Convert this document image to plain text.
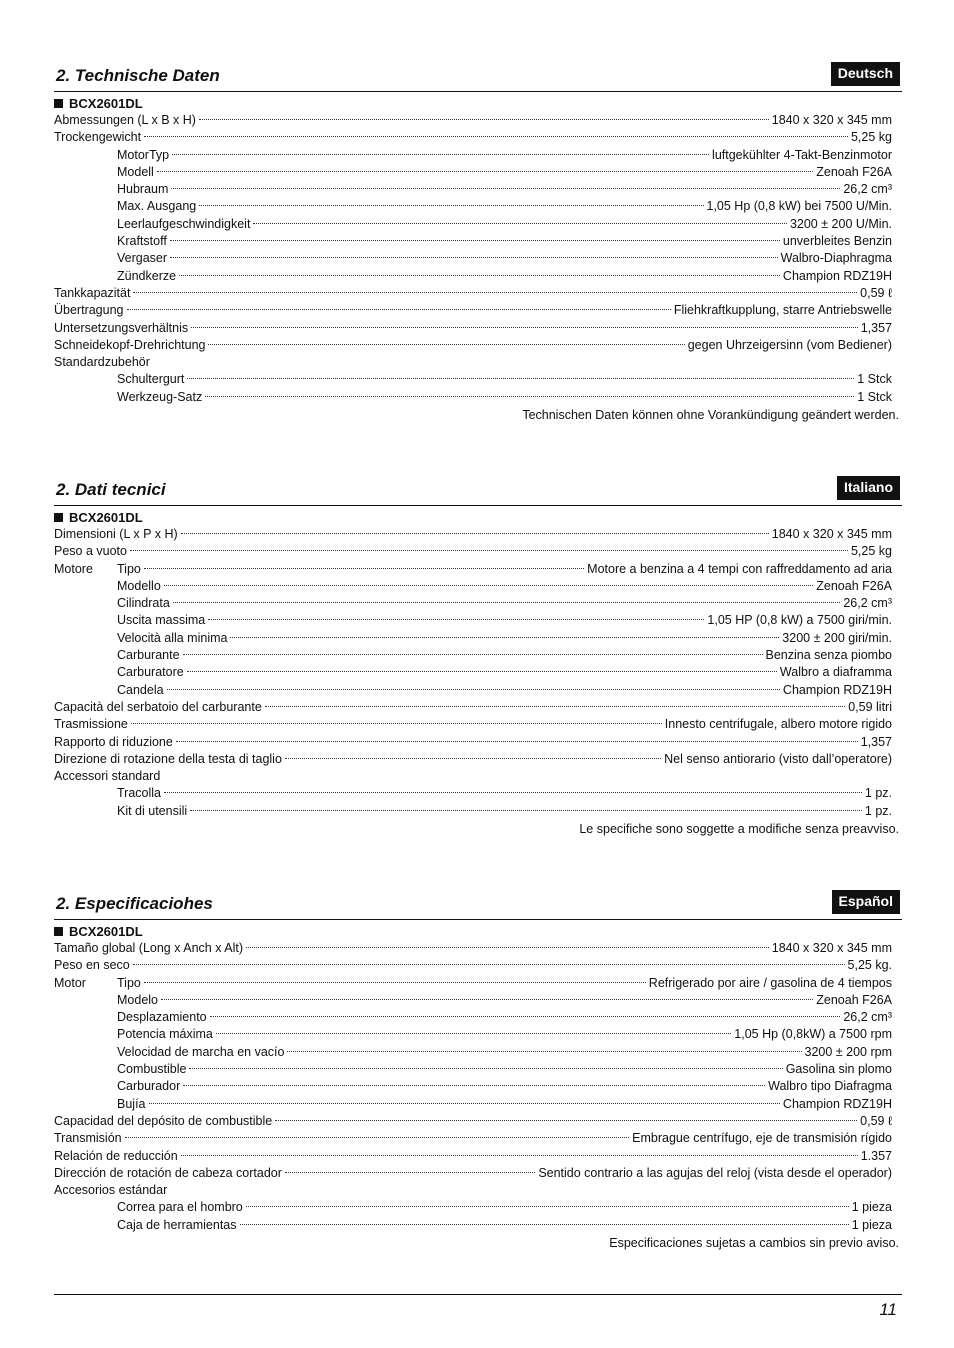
2. Technische Daten	Deutsch
BCX2601DL
Abmessungen (L x B x H)	1840 x 320 x 345 mm
Trockengewicht	5,25 kg
MotorTyp	luftgekühlter 4-Takt-Benzinmotor
Modell	Zenoah F26A
Hubraum	26,2 cm³
Max. Ausgang	1,05 Hp (0,8 kW) bei 7500 U/Min.
Leerlaufgeschwindigkeit	3200 ± 200 U/Min.
Kraftstoff	unverbleites Benzin
Vergaser	Walbro-Diaphragma
Zündkerze	Champion RDZ19H
Tankkapazität	0,59 ℓ
Übertragung	Fliehkraftkupplung, starre Antriebswelle
Untersetzungsverhältnis	1,357
Schneidekopf-Drehrichtung	gegen Uhrzeigersinn (vom Bediener)
Standardzubehör
Schultergurt	1 Stck
Werkzeug-Satz	1 Stck
Technischen Daten können ohne Vorankündigung geändert werden.
2. Dati tecnici	Italiano
BCX2601DL
Dimensioni (L x P x H)	1840 x 320 x 345 mm
Peso a vuoto	5,25 kg
Motore	Tipo	Motore a benzina a 4 tempi con raffreddamento ad aria
Modello	Zenoah F26A
Cilindrata	26,2 cm³
Uscita massima	1,05 HP (0,8 kW) a 7500 giri/min.
Velocità alla minima	3200 ± 200 giri/min.
Carburante	Benzina senza piombo
Carburatore	Walbro a diaframma
Candela	Champion RDZ19H
Capacità del serbatoio del carburante	0,59 litri
Trasmissione	Innesto centrifugale, albero motore rigido
Rapporto di riduzione	1,357
Direzione di rotazione della testa di taglio	Nel senso antiorario (visto dall’operatore)
Accessori standard
Tracolla	1 pz.
Kit di utensili	1 pz.
Le specifiche sono soggette a modifiche senza preavviso.
2. Especificaciohes	Español
BCX2601DL
Tamaño global (Long x Anch x Alt)	1840 x 320 x 345 mm
Peso en seco	5,25 kg.
Motor	Tipo	Refrigerado por aire / gasolina de 4 tiempos
Modelo	Zenoah F26A
Desplazamiento	26,2 cm³
Potencia máxima	1,05 Hp (0,8kW) a 7500 rpm
Velocidad de marcha en vacío	3200 ± 200 rpm
Combustible	Gasolina sin plomo
Carburador	Walbro tipo Diafragma
Bujía	Champion RDZ19H
Capacidad del depósito de combustible	0,59 ℓ
Transmisión	Embrague centrífugo, eje de transmisión rígido
Relación de reducción	1.357
Dirección de rotación de cabeza cortador	Sentido contrario a las agujas del reloj (vista desde el operador)
Accesorios estándar
Correa para el hombro	1 pieza
Caja de herramientas	1 pieza
Especificaciones sujetas a cambios sin previo aviso.
11
